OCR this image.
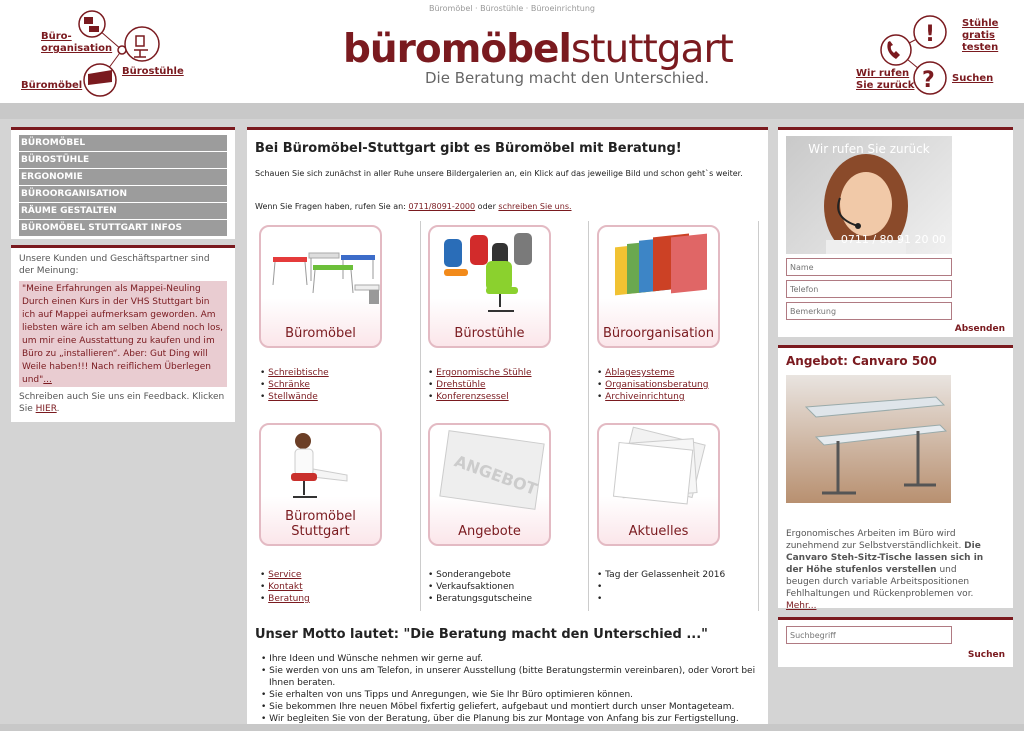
Büromöbel · Bürostühle · Büroeinrichtung
Büro-
organisation
Bürostühle
Büromöbel
büromöbelstuttgart
Die Beratung macht den Unterschied.
!
?
Stühle
gratis
testen
Wir rufen
Sie zurück
Suchen
BÜROMÖBEL
BÜROSTÜHLE
ERGONOMIE
BÜROORGANISATION
RÄUME GESTALTEN
BÜROMÖBEL STUTTGART INFOS
Unsere Kunden und Geschäftspartner sind der Meinung:
"Meine Erfahrungen als Mappei-Neuling Durch einen Kurs in der VHS Stuttgart bin ich auf Mappei aufmerksam geworden. Am liebsten wäre ich am selben Abend noch los, um mir eine Ausstattung zu kaufen und im Büro zu „installieren“. Aber: Gut Ding will Weile haben!!! Nach reiflichem Überlegen und"...
Schreiben auch Sie uns ein Feedback. Klicken Sie HIER.
Bei Büromöbel-Stuttgart gibt es Büromöbel mit Beratung!
Schauen Sie sich zunächst in aller Ruhe unsere Bildergalerien an, ein Klick auf das jeweilige Bild und schon geht`s weiter.
Wenn Sie Fragen haben, rufen Sie an: 0711/8091-2000 oder schreiben Sie uns.
Büromöbel	Bürostühle	Büroorganisation
• Schreibtische
• Schränke
• Stellwände
• Ergonomische Stühle
• Drehstühle
• Konferenzsessel
• Ablagesysteme
• Organisationsberatung
• Archiveinrichtung
Büromöbel Stuttgart
ANGEBOT
Angebote	Aktuelles
• Service
• Kontakt
• Beratung
• Sonderangebote
• Verkaufsaktionen
• Beratungsgutscheine
• Tag der Gelassenheit 2016
•
•
Unser Motto lautet: "Die Beratung macht den Unterschied ..."
• Ihre Ideen und Wünsche nehmen wir gerne auf.
• Sie werden von uns am Telefon, in unserer Ausstellung (bitte Beratungstermin vereinbaren), oder Vorort bei Ihnen beraten.
• Sie erhalten von uns Tipps und Anregungen, wie Sie Ihr Büro optimieren können.
• Sie bekommen Ihre neuen Möbel fixfertig geliefert, aufgebaut und montiert durch unser Montageteam.
• Wir begleiten Sie von der Beratung, über die Planung bis zur Montage von Anfang bis zur Fertigstellung.
Wir rufen Sie zurück
0711 / 80 91 20 00
Name
Telefon
Bemerkung
Absenden
Angebot: Canvaro 500
Ergonomisches Arbeiten im Büro wird zunehmend zur Selbstverständlichkeit. Die Canvaro Steh-Sitz-Tische lassen sich in der Höhe stufenlos verstellen und beugen durch variable Arbeitspositionen Fehlhaltungen und Rückenproblemen vor. Mehr...
Suchbegriff
Suchen
